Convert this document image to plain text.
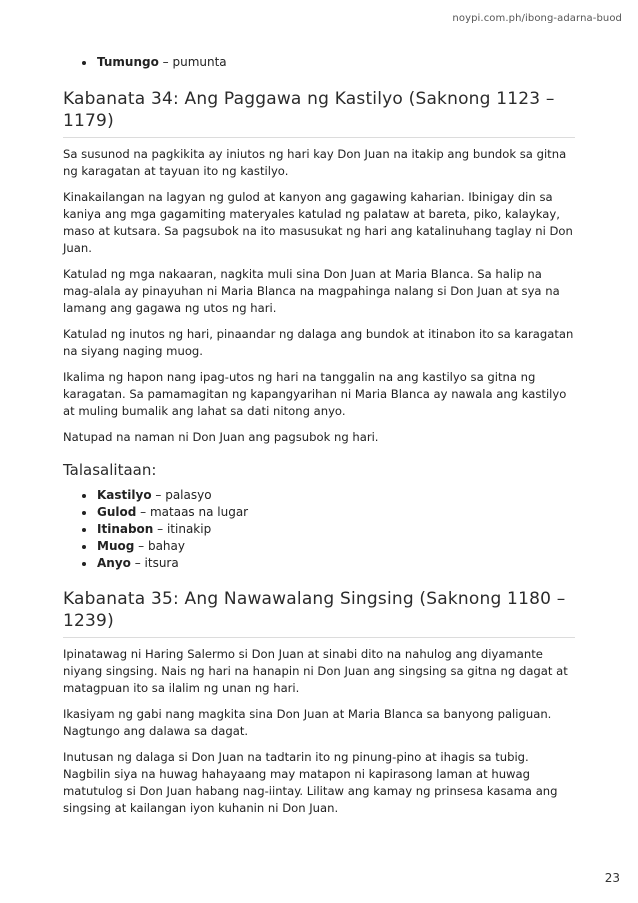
noypi.com.ph/ibong-adarna-buod
Tumungo – pumunta
Kabanata 34: Ang Paggawa ng Kastilyo (Saknong 1123 – 1179)

Sa susunod na pagkikita ay iniutos ng hari kay Don Juan na itakip ang bundok sa gitna ng karagatan at tayuan ito ng kastilyo.

Kinakailangan na lagyan ng gulod at kanyon ang gagawing kaharian. Ibinigay din sa kaniya ang mga gagamiting materyales katulad ng palataw at bareta, piko, kalaykay, maso at kutsara. Sa pagsubok na ito masusukat ng hari ang katalinuhang taglay ni Don Juan.

Katulad ng mga nakaaran, nagkita muli sina Don Juan at Maria Blanca. Sa halip na mag-alala ay pinayuhan ni Maria Blanca na magpahinga nalang si Don Juan at sya na lamang ang gagawa ng utos ng hari.

Katulad ng inutos ng hari, pinaandar ng dalaga ang bundok at itinabon ito sa karagatan na siyang naging muog.

Ikalima ng hapon nang ipag-utos ng hari na tanggalin na ang kastilyo sa gitna ng karagatan. Sa pamamagitan ng kapangyarihan ni Maria Blanca ay nawala ang kastilyo at muling bumalik ang lahat sa dati nitong anyo.

Natupad na naman ni Don Juan ang pagsubok ng hari.

Talasalitaan:
Kastilyo – palasyo
Gulod – mataas na lugar
Itinabon – itinakip
Muog – bahay
Anyo – itsura
Kabanata 35: Ang Nawawalang Singsing (Saknong 1180 – 1239)

Ipinatawag ni Haring Salermo si Don Juan at sinabi dito na nahulog ang diyamante niyang singsing. Nais ng hari na hanapin ni Don Juan ang singsing sa gitna ng dagat at matagpuan ito sa ilalim ng unan ng hari.

Ikasiyam ng gabi nang magkita sina Don Juan at Maria Blanca sa banyong paliguan. Nagtungo ang dalawa sa dagat.

Inutusan ng dalaga si Don Juan na tadtarin ito ng pinung-pino at ihagis sa tubig. Nagbilin siya na huwag hahayaang may matapon ni kapirasong laman at huwag matutulog si Don Juan habang nag-iintay. Lilitaw ang kamay ng prinsesa kasama ang singsing at kailangan iyon kuhanin ni Don Juan.

23
